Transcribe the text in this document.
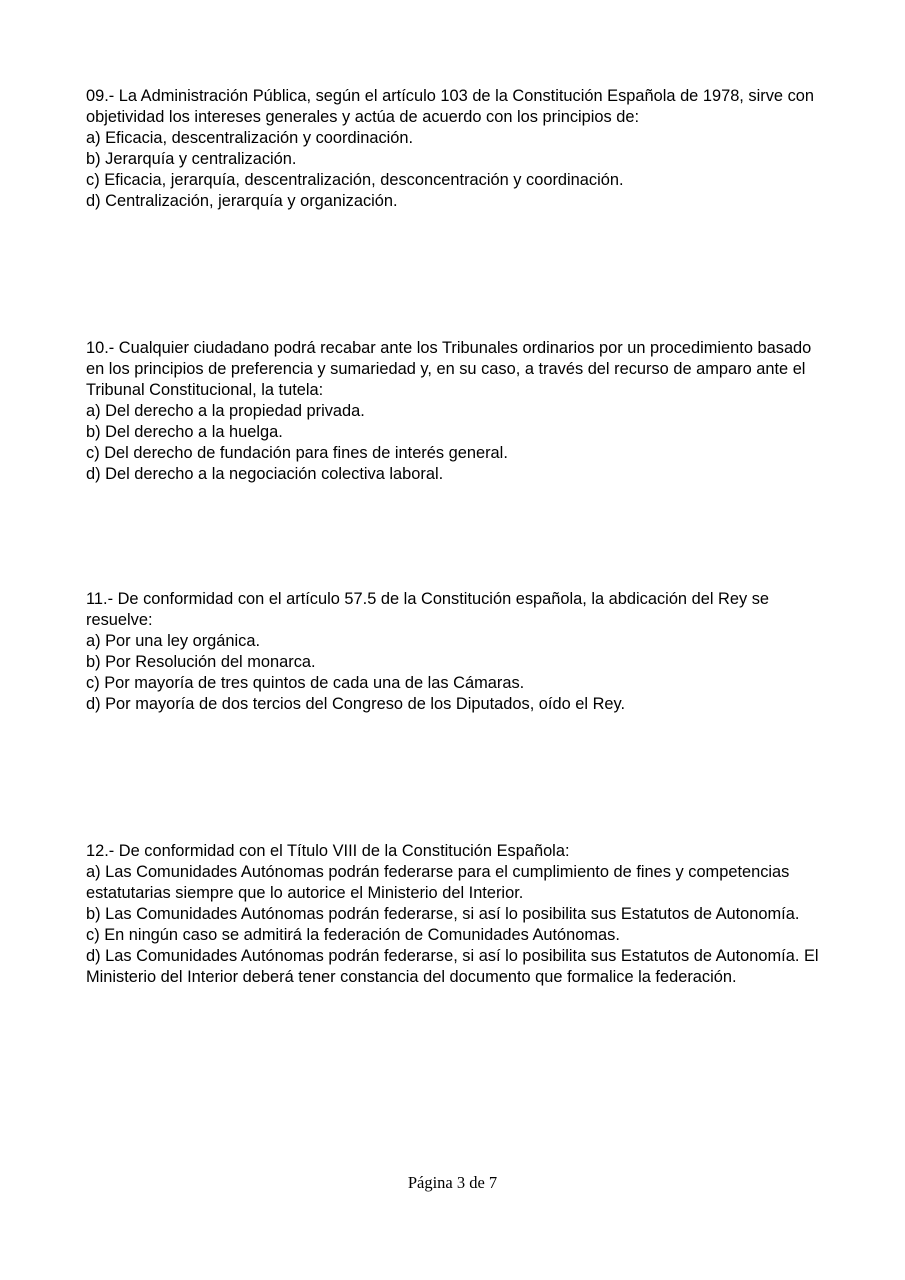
09.- La Administración Pública, según el artículo 103 de la Constitución Española de 1978, sirve con objetividad los intereses generales y actúa de acuerdo con los principios de:

a) Eficacia, descentralización y coordinación.

b) Jerarquía y centralización.

c) Eficacia, jerarquía, descentralización, desconcentración y coordinación.

d) Centralización, jerarquía y organización.

10.- Cualquier ciudadano podrá recabar ante los Tribunales ordinarios por un procedimiento basado en los principios de preferencia y sumariedad y, en su caso, a través del recurso de amparo ante el Tribunal Constitucional, la tutela:

a) Del derecho a la propiedad privada.

b) Del derecho a la huelga.

c) Del derecho de fundación para fines de interés general.

d) Del derecho a la negociación colectiva laboral.

11.- De conformidad con el artículo 57.5 de la Constitución española, la abdicación del Rey se resuelve:

a) Por una ley orgánica.

b) Por Resolución del monarca.

c) Por mayoría de tres quintos de cada una de las Cámaras.

d) Por mayoría de dos tercios del Congreso de los Diputados, oído el Rey.

12.- De conformidad con el Título VIII de la Constitución Española:

a) Las Comunidades Autónomas podrán federarse para el cumplimiento de fines y competencias estatutarias siempre que lo autorice el Ministerio del Interior.

b) Las Comunidades Autónomas podrán federarse, si así lo posibilita sus Estatutos de Autonomía.

c) En ningún caso se admitirá la federación de Comunidades Autónomas.

d) Las Comunidades Autónomas podrán federarse, si así lo posibilita sus Estatutos de Autonomía. El Ministerio del Interior deberá tener constancia del documento que formalice la federación.

Página 3 de 7
